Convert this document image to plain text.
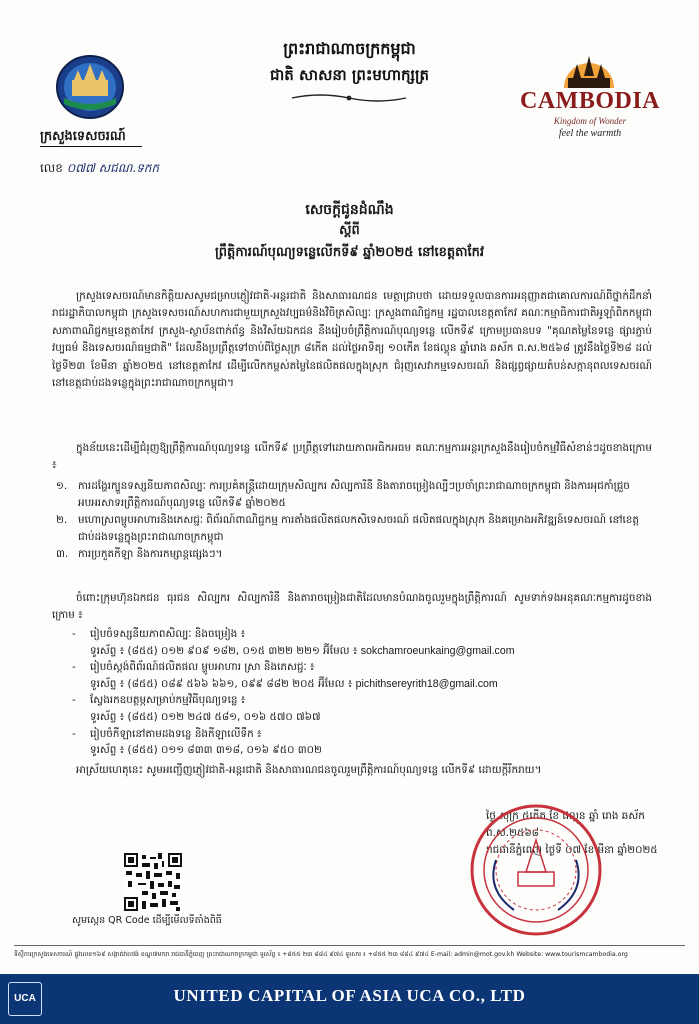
ព្រះរាជាណាចក្រកម្ពុជា
ជាតិ សាសនា ព្រះមហាក្សត្រ
CAMBODIA
Kingdom of Wonder
feel the warmth
ក្រសួងទេសចរណ៍
លេខ ០៧៧ សជណ.ទកក
សេចក្តីជូនដំណឹង
ស្តីពី
ព្រឹត្តិការណ៍បុណ្យទន្លេលើកទី៩ ឆ្នាំ២០២៥ នៅខេត្តតាកែវ
ក្រសួងទេសចរណ៍មានកិត្តិយសសូមជម្រាបភ្ញៀវជាតិ-អន្តរជាតិ និងសាធារណជន មេត្តាជ្រាបថា ដោយទទួលបានការអនុញ្ញាតជាគោលការណ៍ពីថ្នាក់ដឹកនាំរាជរដ្ឋាភិបាលកម្ពុជា ក្រសួងទេសចរណ៍សហការជាមួយក្រសួងវប្បធម៌និងវិចិត្រសិល្បៈ ក្រសួងពាណិជ្ជកម្ម រដ្ឋបាលខេត្តតាកែវ គណៈកម្មាធិការជាតិអូឡាំពិកកម្ពុជា សភាពាណិជ្ជកម្មខេត្តតាកែវ ក្រសួង-ស្ថាប័នពាក់ព័ន្ធ និងវិស័យឯកជន នឹងរៀបចំព្រឹត្តិការណ៍បុណ្យទន្លេ លើកទី៩ ក្រោមប្រធានបទ "គុណតម្លៃនៃទន្លេ ផ្សារភ្ជាប់វប្បធម៌ និងទេសចរណ៍ធម្មជាតិ" ដែលនឹងប្រព្រឹត្តទៅចាប់ពីថ្ងៃសុក្រ ៨កើត ដល់ថ្ងៃអាទិត្យ ១០កើត ខែផល្គុន ឆ្នាំរោង ឆស័ក ព.ស.២៥៦៨ ត្រូវនឹងថ្ងៃទី២៨ ដល់ថ្ងៃទី២៣ ខែមីនា ឆ្នាំ២០២៥ នៅខេត្តតាកែវ ដើម្បីលើកកម្ពស់តម្លៃនៃផលិតផលក្នុងស្រុក ជំរុញសេវាកម្មទេសចរណ៍ និងផ្សព្វផ្សាយតំបន់សក្តានុពលទេសចរណ៍ នៅខេត្តជាប់ដងទន្លេក្នុងព្រះរាជាណាចក្រកម្ពុជា។
ក្នុងន័យនេះដើម្បីជំរុញឱ្យព្រឹត្តិការណ៍បុណ្យទន្លេ លើកទី៩ ប្រព្រឹត្តទៅដោយភាពអធិកអធម គណៈកម្មការអន្តរក្រសួងនឹងរៀបចំកម្មវិធីសំខាន់ៗដូចខាងក្រោម ៖
១.	ការដង្ហែរក្បួនទស្សនីយភាពសិល្បៈ ការប្រគំតន្ត្រីដោយក្រុមសិល្បករ សិល្បការិនី និងតារាចម្រៀងល្បីៗប្រចាំព្រះរាជាណាចក្រកម្ពុជា និងការអុជកាំជ្រួចអបអរសាទរព្រឹត្តិការណ៍បុណ្យទន្លេ លើកទី៩ ឆ្នាំ២០២៥
២.	មហោស្រពម្ហូបអាហារនិងភេសជ្ជៈ ពិព័រណ៍ពាណិជ្ជកម្ម ការតាំងផលិតផលកសិទេសចរណ៍ ផលិតផលក្នុងស្រុក និងគម្រោងអភិវឌ្ឍន៍ទេសចរណ៍ នៅខេត្តជាប់ដងទន្លេក្នុងព្រះរាជាណាចក្រកម្ពុជា
៣. ការប្រកួតកីឡា និងការកម្សាន្តផ្សេងៗ។
ចំពោះក្រុមហ៊ុនឯកជន ធុរជន សិល្បករ សិល្បការិនី និងតារាចម្រៀងជាតិដែលមានបំណងចូលរួមក្នុងព្រឹត្តិការណ៍ សូមទាក់ទងអនុគណៈកម្មការដូចខាងក្រោម ៖
-	រៀបចំទស្សនីយភាពសិល្បៈ និងចម្រៀង ៖
ទូរស័ព្ទ ៖ (៨៥៥) ០១២ ៩០៩ ១៨២, ០១៥ ៣២២ ២២១ អ៊ីមែល ៖ sokchamroeunkaing@gmail.com
-	រៀបចំស្តង់ពិព័រណ៍ផលិតផល ម្ហូបអាហារ ស្រា និងភេសជ្ជៈ ៖
ទូរស័ព្ទ ៖ (៨៥៥) ០៨៩ ៥៦៦ ៦៦១, ០៩៩ ៨៨២ ២០៥ អ៊ីមែល ៖ pichithsereyrith18@gmail.com
-	ស្វែងរកឧបត្ថម្ភសម្រាប់កម្មវិធីបុណ្យទន្លេ ៖
ទូរស័ព្ទ ៖ (៨៥៥) ០១២ ២៤៧ ៥៨១, ០១៦ ៥៧០ ៧៦៧
-	រៀបចំកីឡានៅតាមដងទន្លេ និងកីឡាលើទឹក ៖
ទូរស័ព្ទ ៖ (៨៥៥) ០១១ ៨៣៣ ៣១៨, ០១៦ ៩៥០ ៣០២
អាស្រ័យហេតុនេះ សូមអញ្ជើញភ្ញៀវជាតិ-អន្តរជាតិ និងសាធារណជនចូលរួមព្រឹត្តិការណ៍បុណ្យទន្លេ លើកទី៩ ដោយក្តីរីករាយ។
ថ្ងៃ សុក្រ ៥កើត ខែ ផល្គុន ឆ្នាំ រោង ឆស័ក ព.ស.២៥៦៨
រាជធានីភ្នំពេញ ថ្ងៃទី ០៧ ខែ មីនា ឆ្នាំ២០២៥
សូមស្កេន QR Code ដើម្បីមើលទីតាំងពិធី
ទីស្តីការក្រសួងទេសចរណ៍ ផ្លូវលេខ១៦៩ សង្កាត់វាលវង់ ខណ្ឌ៧មករា រាជធានីភ្នំពេញ ព្រះរាជាណាចក្រកម្ពុជា ទូរស័ព្ទ ៖ +៨៥៥ ២៣ ៨៨៤ ៩៧៤ ទូរសារ ៖ +៨៥៥ ២៣ ៨៨៤ ៩៧៤ E-mail: admin@mot.gov.kh Website: www.tourismcambodia.org
UCA	UNITED CAPITAL OF ASIA UCA CO., LTD
